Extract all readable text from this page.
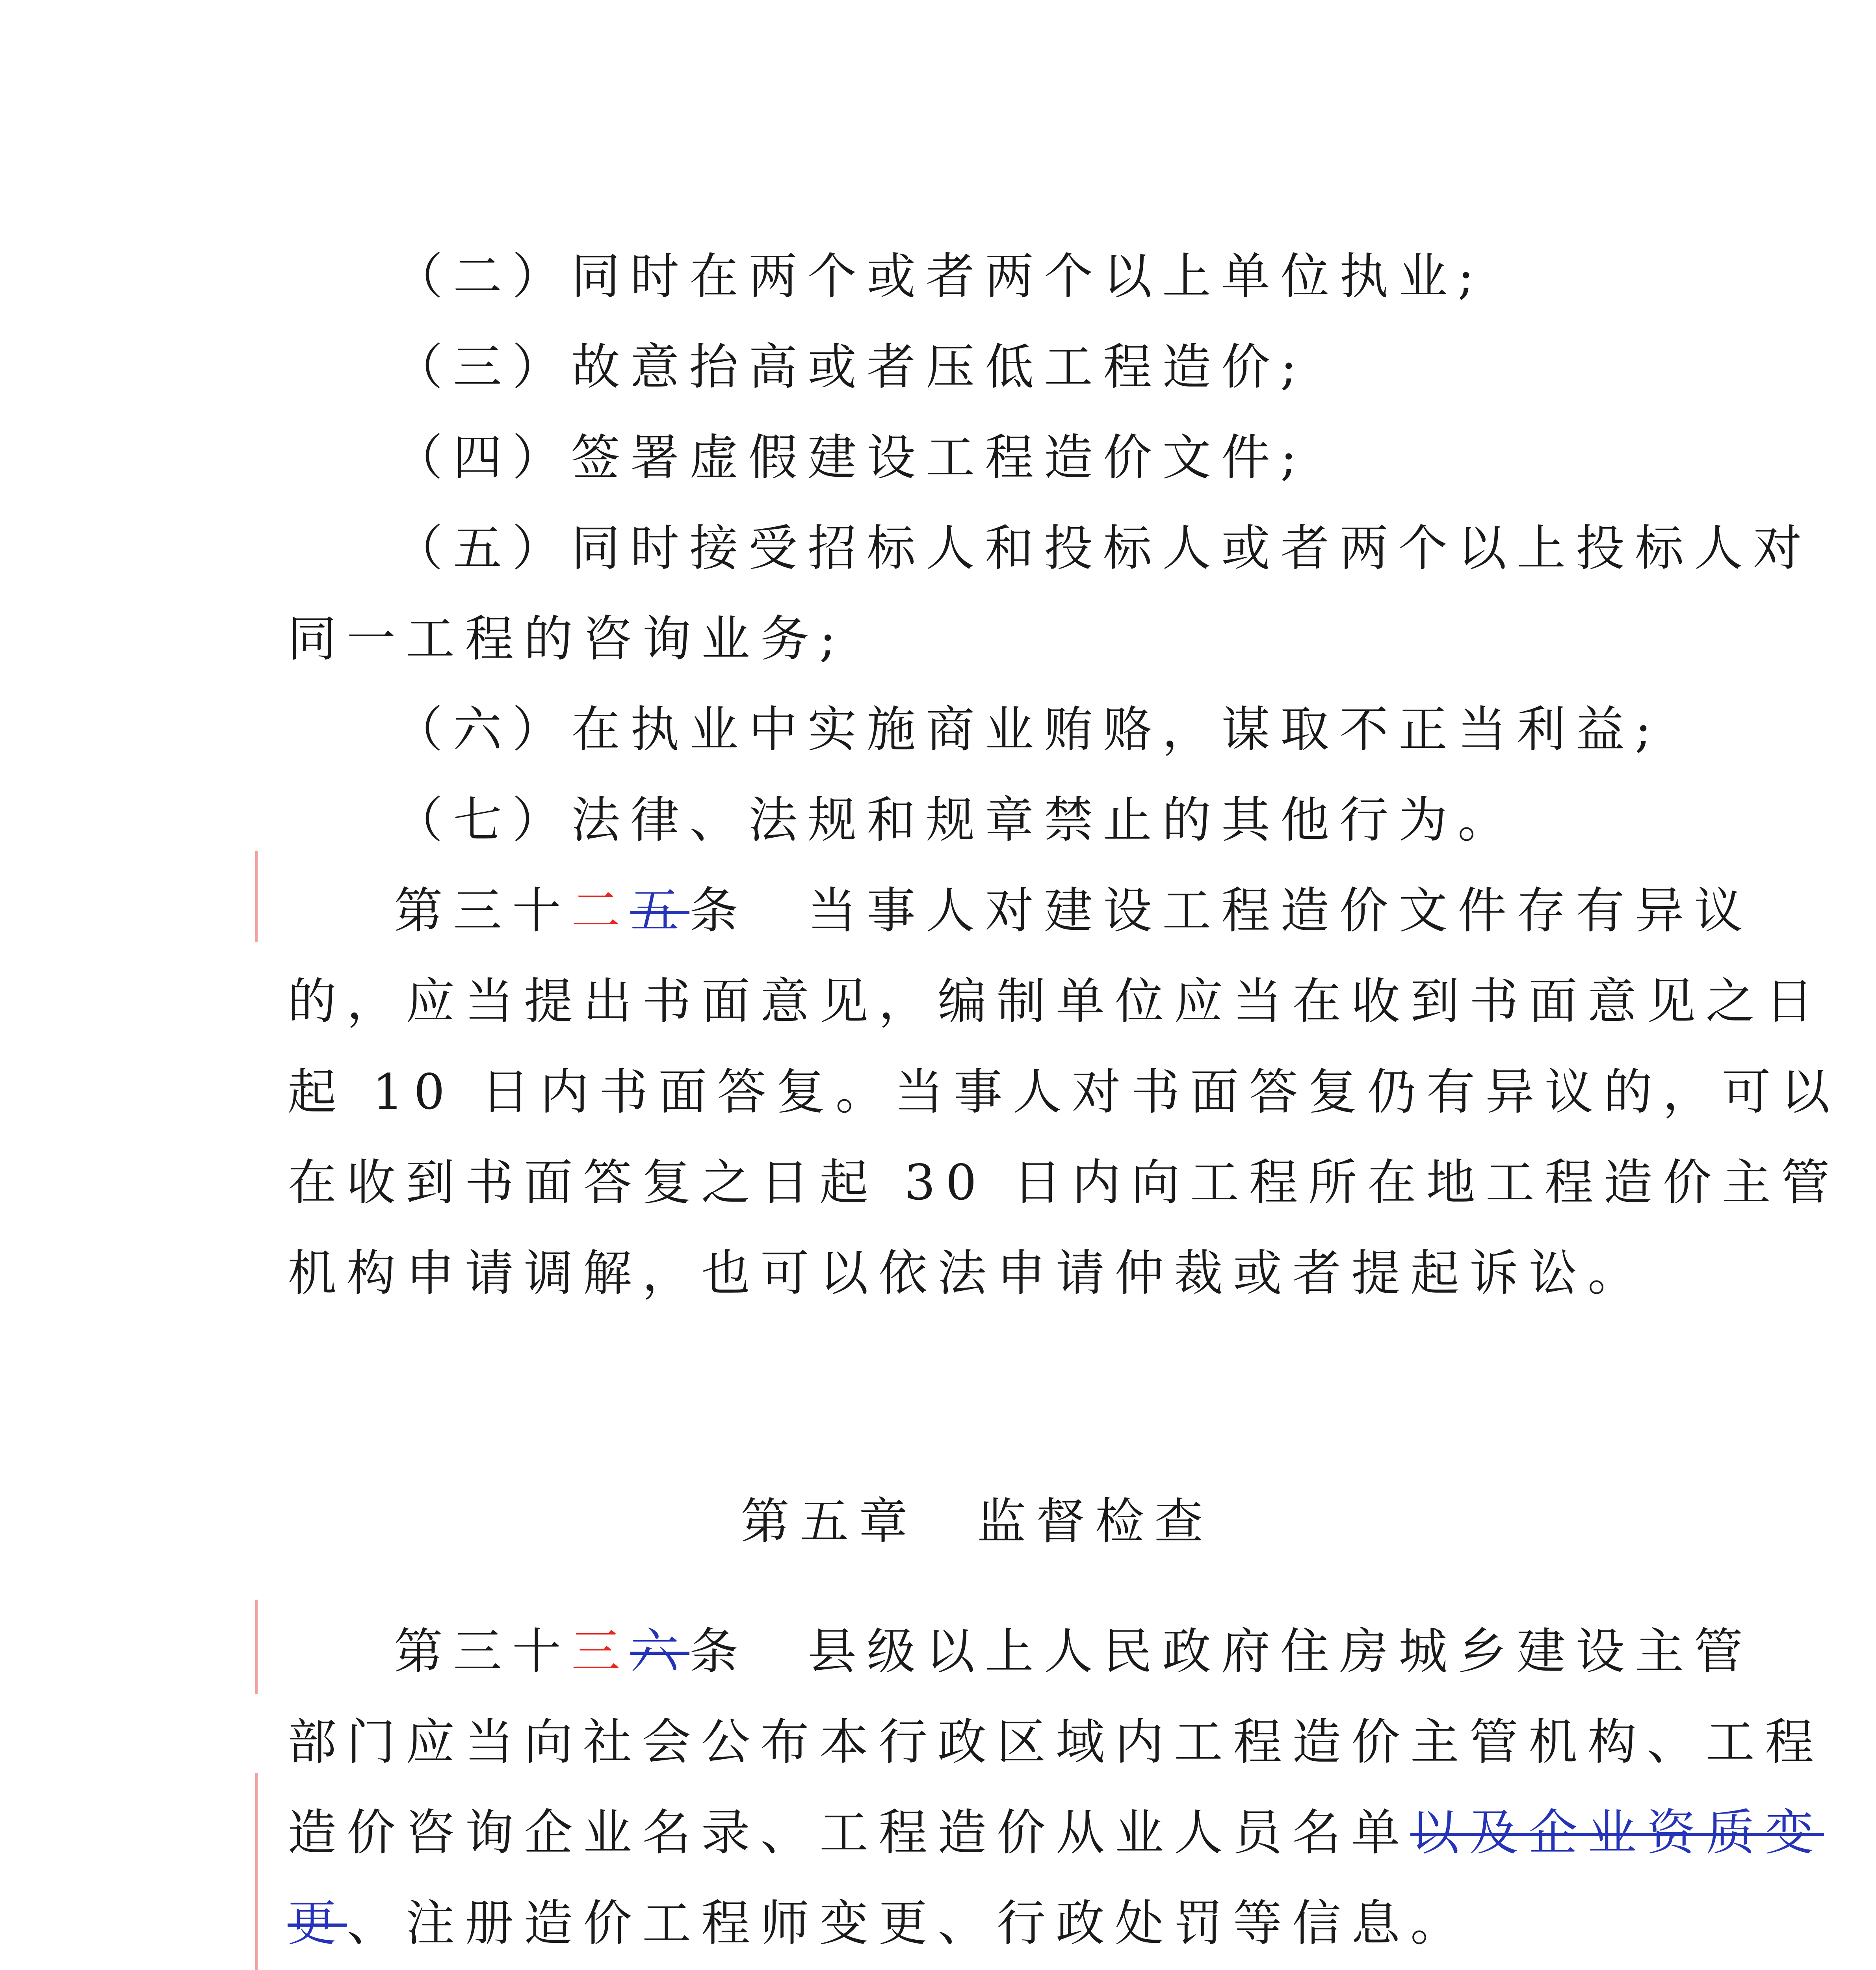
（二）同时在两个或者两个以上单位执业;
（三）故意抬高或者压低工程造价;
（四）签署虚假建设工程造价文件;
（五）同时接受招标人和投标人或者两个以上投标人对
同一工程的咨询业务;
（六）在执业中实施商业贿赂，谋取不正当利益;
（七）法律、法规和规章禁止的其他行为。
第三十二五条　当事人对建设工程造价文件存有异议
的，应当提出书面意见，编制单位应当在收到书面意见之日
起 10 日内书面答复。当事人对书面答复仍有异议的，可以
在收到书面答复之日起 30 日内向工程所在地工程造价主管
机构申请调解，也可以依法申请仲裁或者提起诉讼。
第五章　监督检查
第三十三六条　县级以上人民政府住房城乡建设主管
部门应当向社会公布本行政区域内工程造价主管机构、工程
造价咨询企业名录、工程造价从业人员名单以及企业资质变
更、注册造价工程师变更、行政处罚等信息。
